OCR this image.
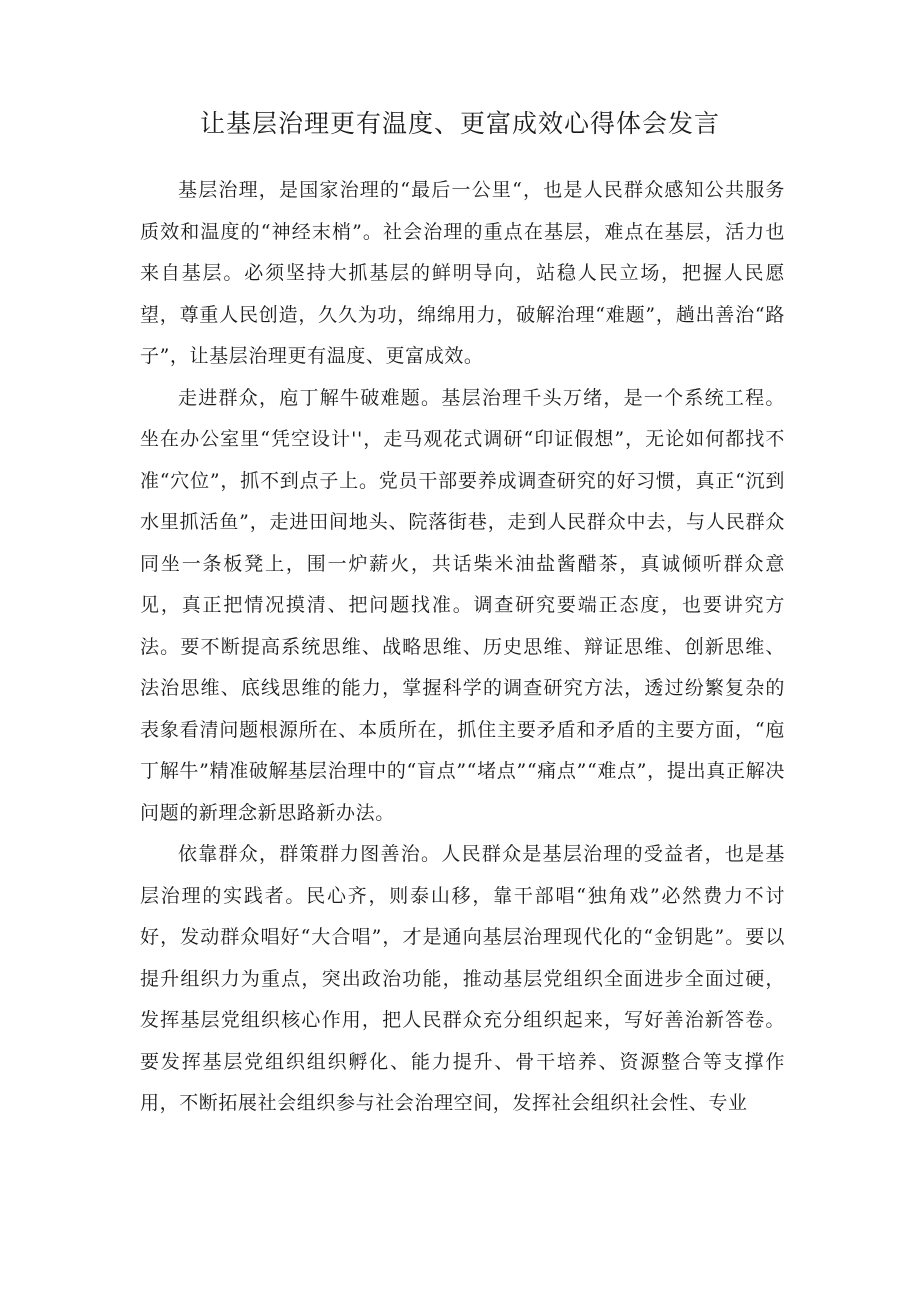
让基层治理更有温度、更富成效心得体会发言

基层治理，是国家治理的“最后一公里“，也是人民群众感知公共服务质效和温度的“神经末梢”。社会治理的重点在基层，难点在基层，活力也来自基层。必须坚持大抓基层的鲜明导向，站稳人民立场，把握人民愿望，尊重人民创造，久久为功，绵绵用力，破解治理“难题”，趟出善治“路子”，让基层治理更有温度、更富成效。

走进群众，庖丁解牛破难题。基层治理千头万绪，是一个系统工程。坐在办公室里“凭空设计''，走马观花式调研“印证假想”，无论如何都找不准“穴位”，抓不到点子上。党员干部要养成调查研究的好习惯，真正“沉到水里抓活鱼”，走进田间地头、院落街巷，走到人民群众中去，与人民群众同坐一条板凳上，围一炉薪火，共话柴米油盐酱醋茶，真诚倾听群众意见，真正把情况摸清、把问题找准。调查研究要端正态度，也要讲究方法。要不断提高系统思维、战略思维、历史思维、辩证思维、创新思维、法治思维、底线思维的能力，掌握科学的调查研究方法，透过纷繁复杂的表象看清问题根源所在、本质所在，抓住主要矛盾和矛盾的主要方面，“庖丁解牛”精准破解基层治理中的“盲点”“堵点”“痛点”“难点”，提出真正解决问题的新理念新思路新办法。

依靠群众，群策群力图善治。人民群众是基层治理的受益者，也是基层治理的实践者。民心齐，则泰山移，靠干部唱“独角戏”必然费力不讨好，发动群众唱好“大合唱”，才是通向基层治理现代化的“金钥匙”。要以提升组织力为重点，突出政治功能，推动基层党组织全面进步全面过硬，发挥基层党组织核心作用，把人民群众充分组织起来，写好善治新答卷。要发挥基层党组织组织孵化、能力提升、骨干培养、资源整合等支撑作用，不断拓展社会组织参与社会治理空间，发挥社会组织社会性、专业
